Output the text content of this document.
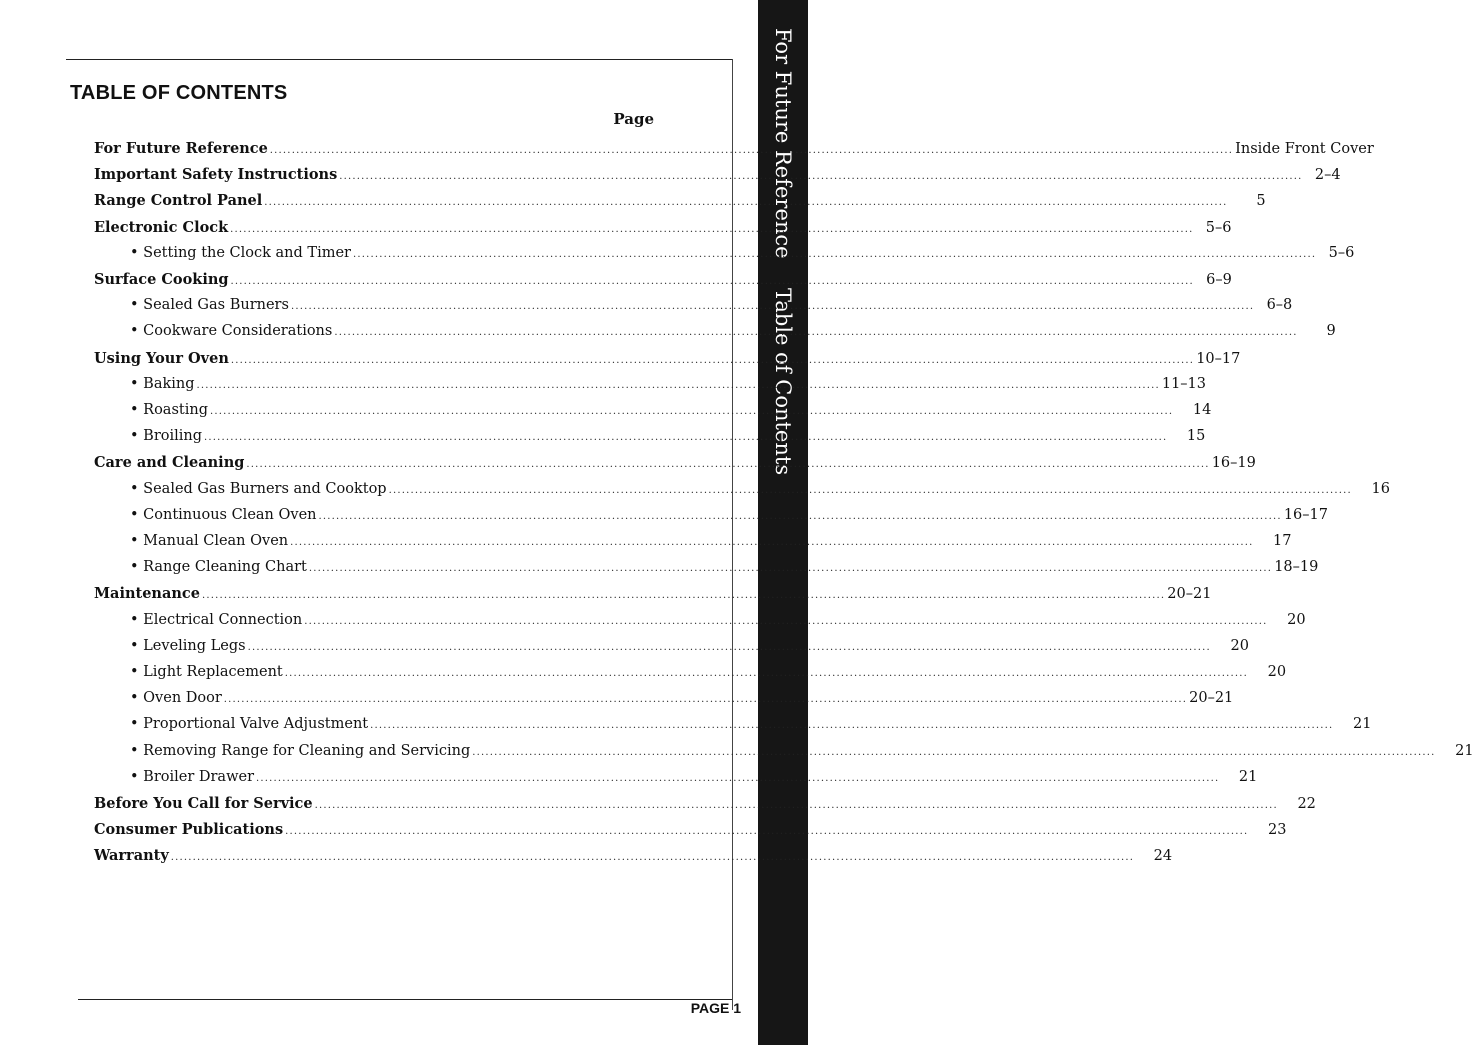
For Future Reference
Table of Contents
TABLE OF CONTENTS
Page
For Future Reference ............................................................................................................................................................................................................................ Inside Front Cover
Important Safety Instructions ............................................................................................................................................................................................................................ 2–4
Range Control Panel ............................................................................................................................................................................................................................	5
Electronic Clock ............................................................................................................................................................................................................................ 5–6
• Setting the Clock and Timer ............................................................................................................................................................................................................................ 5–6
Surface Cooking ............................................................................................................................................................................................................................ 6–9
• Sealed Gas Burners ............................................................................................................................................................................................................................ 6–8
• Cookware Considerations ............................................................................................................................................................................................................................	9
Using Your Oven ............................................................................................................................................................................................................................ 10–17
• Baking ............................................................................................................................................................................................................................ 11–13
• Roasting ............................................................................................................................................................................................................................	14
• Broiling ............................................................................................................................................................................................................................	15
Care and Cleaning ............................................................................................................................................................................................................................ 16–19
• Sealed Gas Burners and Cooktop ............................................................................................................................................................................................................................	16
• Continuous Clean Oven ............................................................................................................................................................................................................................ 16–17
• Manual Clean Oven ............................................................................................................................................................................................................................	17
• Range Cleaning Chart ............................................................................................................................................................................................................................ 18–19
Maintenance ............................................................................................................................................................................................................................ 20–21
• Electrical Connection ............................................................................................................................................................................................................................	20
• Leveling Legs ............................................................................................................................................................................................................................	20
• Light Replacement ............................................................................................................................................................................................................................	20
• Oven Door ............................................................................................................................................................................................................................ 20–21
• Proportional Valve Adjustment ............................................................................................................................................................................................................................	21
• Removing Range for Cleaning and Servicing ............................................................................................................................................................................................................................	21
• Broiler Drawer ............................................................................................................................................................................................................................	21
Before You Call for Service ............................................................................................................................................................................................................................	22
Consumer Publications ............................................................................................................................................................................................................................	23
Warranty ............................................................................................................................................................................................................................	24
PAGE 1
